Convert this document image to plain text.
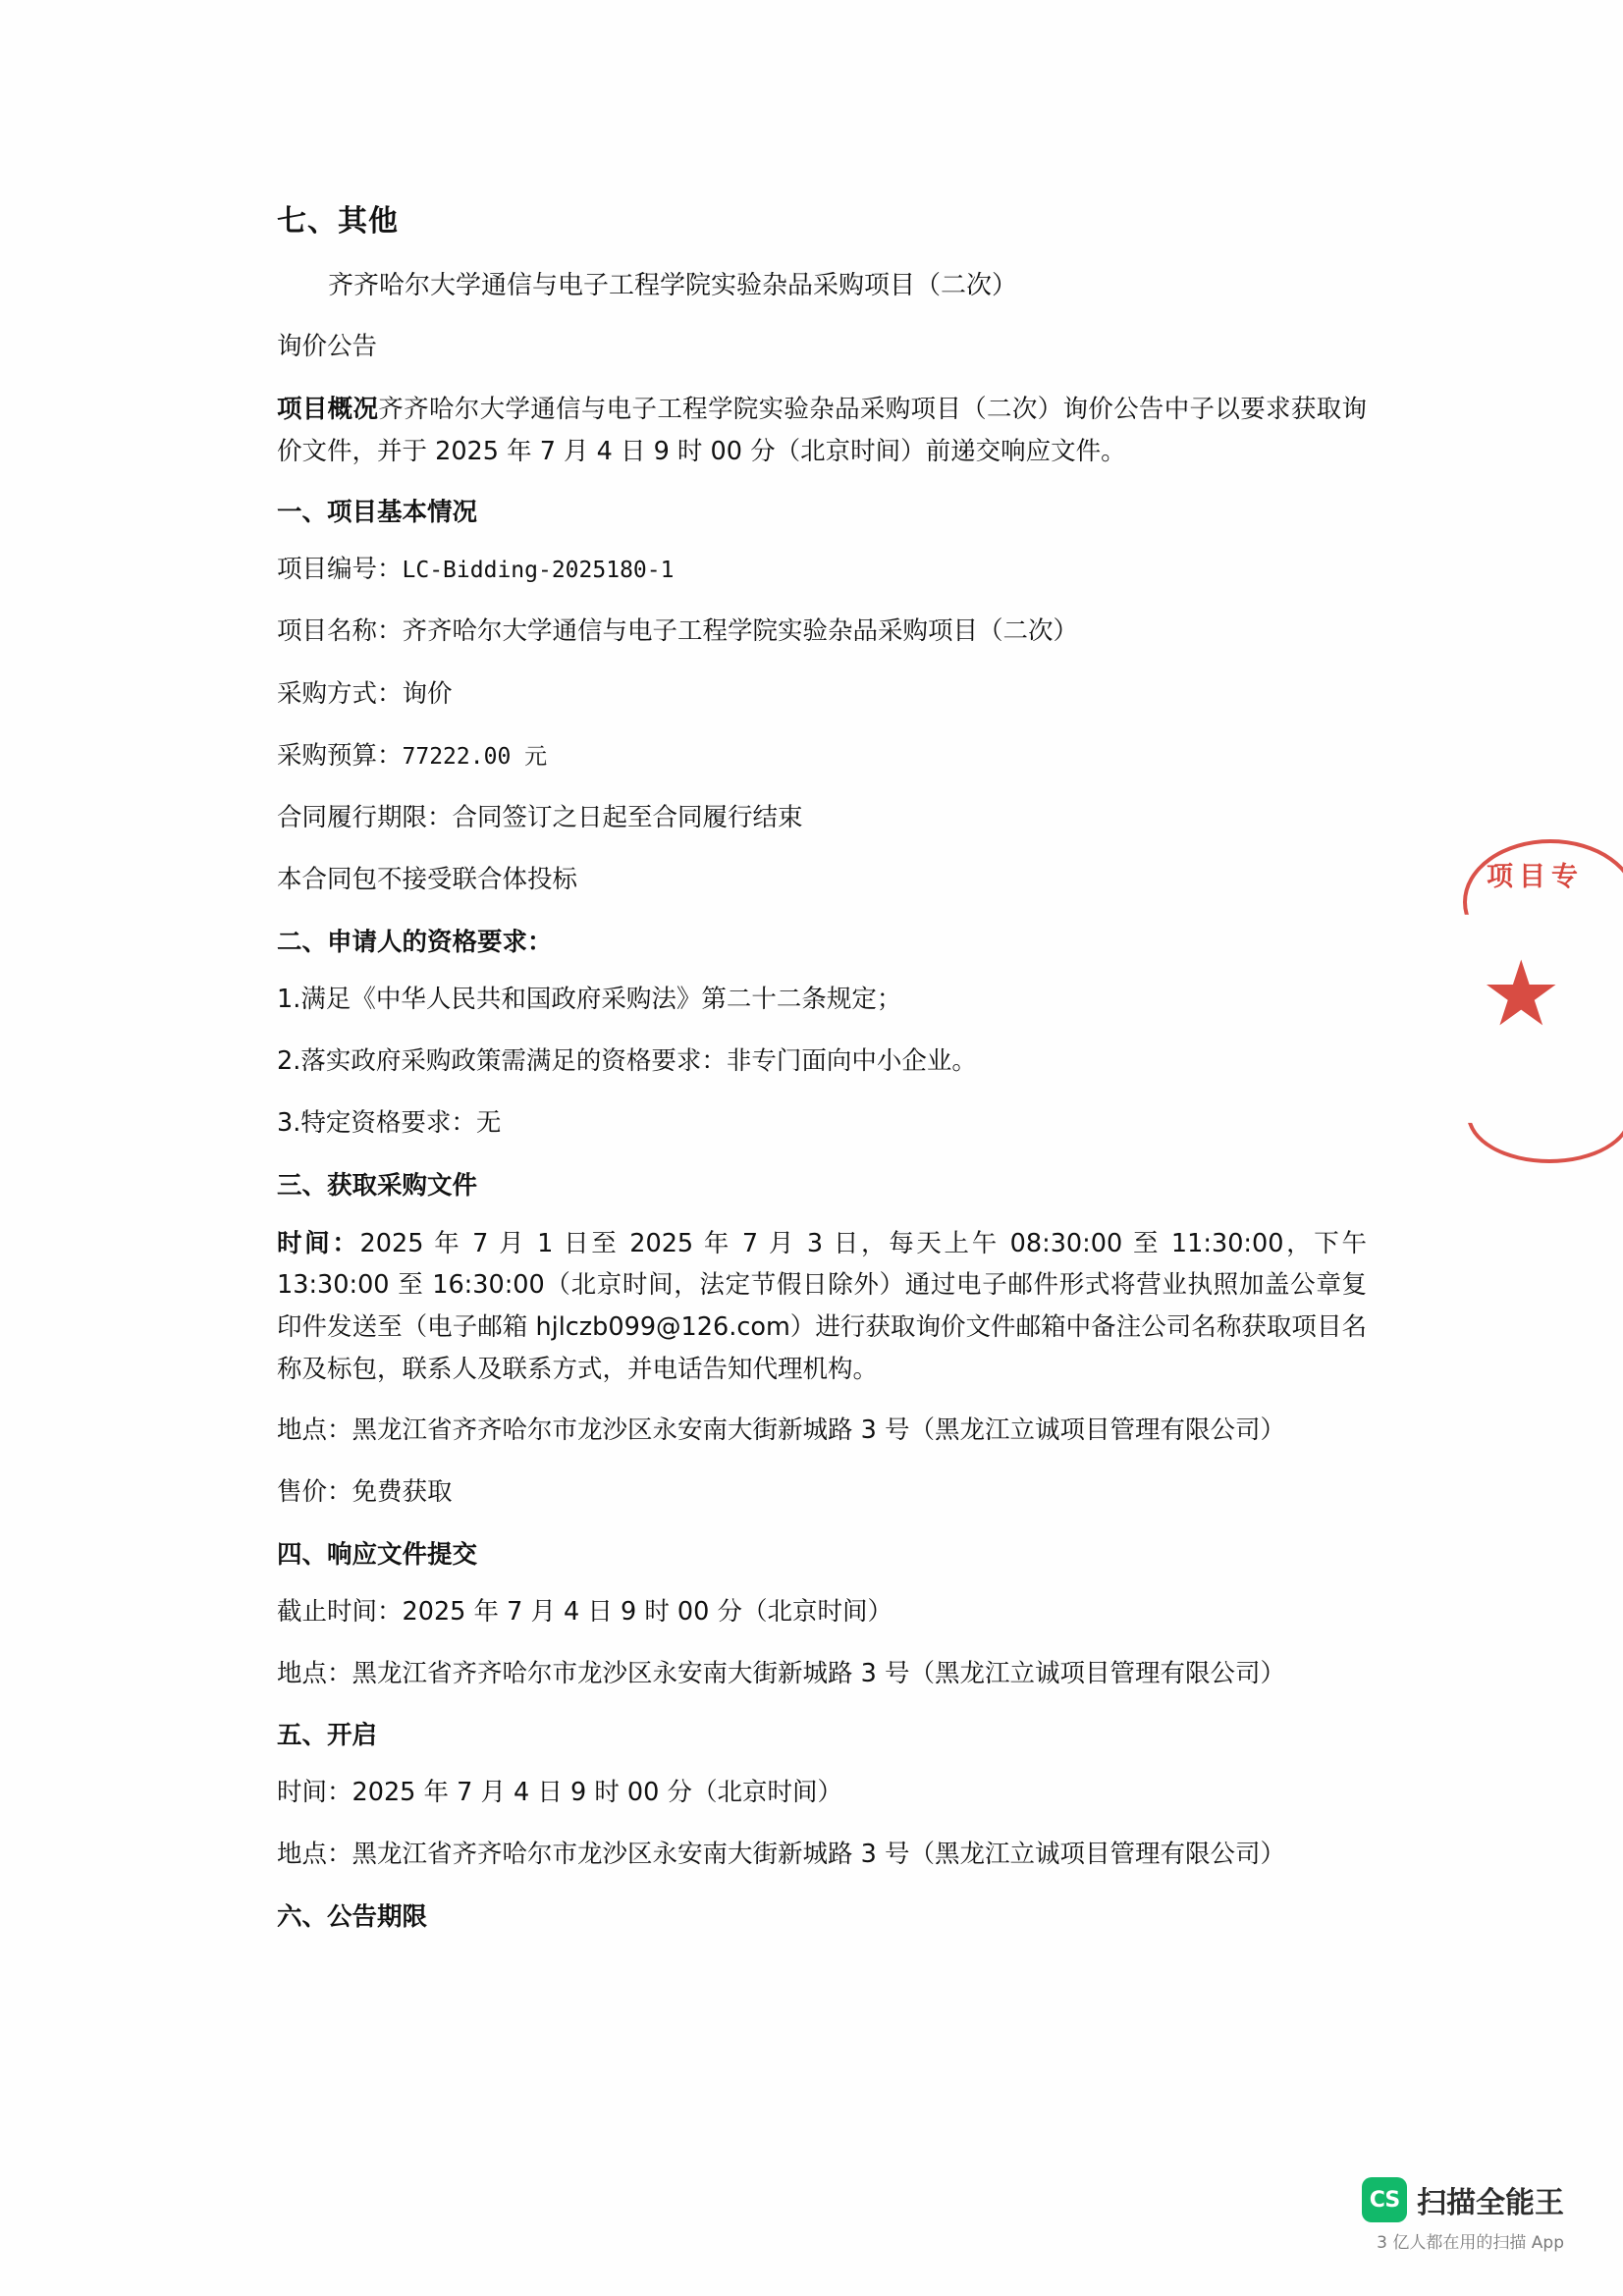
七、其他
齐齐哈尔大学通信与电子工程学院实验杂品采购项目（二次）

询价公告

项目概况齐齐哈尔大学通信与电子工程学院实验杂品采购项目（二次）询价公告中子以要求获取询价文件，并于 2025 年 7 月 4 日 9 时 00 分（北京时间）前递交响应文件。

一、项目基本情况

项目编号：LC-Bidding-2025180-1

项目名称：齐齐哈尔大学通信与电子工程学院实验杂品采购项目（二次）

采购方式：询价

采购预算：77222.00 元

合同履行期限：合同签订之日起至合同履行结束

本合同包不接受联合体投标

二、申请人的资格要求：

1.满足《中华人民共和国政府采购法》第二十二条规定；

2.落实政府采购政策需满足的资格要求：非专门面向中小企业。

3.特定资格要求：无

三、获取采购文件

时间：2025 年 7 月 1 日至 2025 年 7 月 3 日，每天上午 08:30:00 至 11:30:00，下午 13:30:00 至 16:30:00（北京时间，法定节假日除外）通过电子邮件形式将营业执照加盖公章复印件发送至（电子邮箱 hjlczb099@126.com）进行获取询价文件邮箱中备注公司名称获取项目名称及标包，联系人及联系方式，并电话告知代理机构。

地点：黑龙江省齐齐哈尔市龙沙区永安南大街新城路 3 号（黑龙江立诚项目管理有限公司）

售价：免费获取

四、响应文件提交

截止时间：2025 年 7 月 4 日 9 时 00 分（北京时间）

地点：黑龙江省齐齐哈尔市龙沙区永安南大街新城路 3 号（黑龙江立诚项目管理有限公司）

五、开启

时间：2025 年 7 月 4 日 9 时 00 分（北京时间）

地点：黑龙江省齐齐哈尔市龙沙区永安南大街新城路 3 号（黑龙江立诚项目管理有限公司）

六、公告期限

项目专
★
CS 扫描全能王
3 亿人都在用的扫描 App
